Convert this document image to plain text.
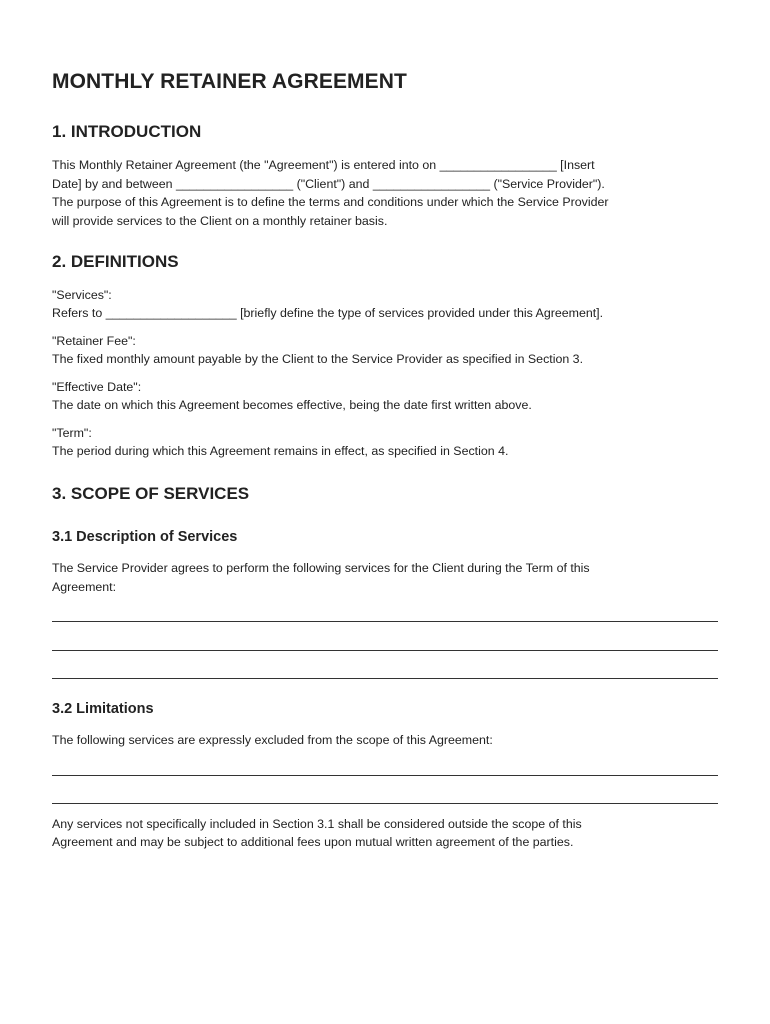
MONTHLY RETAINER AGREEMENT
1. INTRODUCTION
This Monthly Retainer Agreement (the "Agreement") is entered into on _________________ [Insert
Date] by and between _________________ ("Client") and _________________ ("Service Provider").
The purpose of this Agreement is to define the terms and conditions under which the Service Provider
will provide services to the Client on a monthly retainer basis.
2. DEFINITIONS
"Services":
Refers to ___________________ [briefly define the type of services provided under this Agreement].
"Retainer Fee":
The fixed monthly amount payable by the Client to the Service Provider as specified in Section 3.
"Effective Date":
The date on which this Agreement becomes effective, being the date first written above.
"Term":
The period during which this Agreement remains in effect, as specified in Section 4.
3. SCOPE OF SERVICES
3.1 Description of Services
The Service Provider agrees to perform the following services for the Client during the Term of this
Agreement:
3.2 Limitations
The following services are expressly excluded from the scope of this Agreement:
Any services not specifically included in Section 3.1 shall be considered outside the scope of this
Agreement and may be subject to additional fees upon mutual written agreement of the parties.
